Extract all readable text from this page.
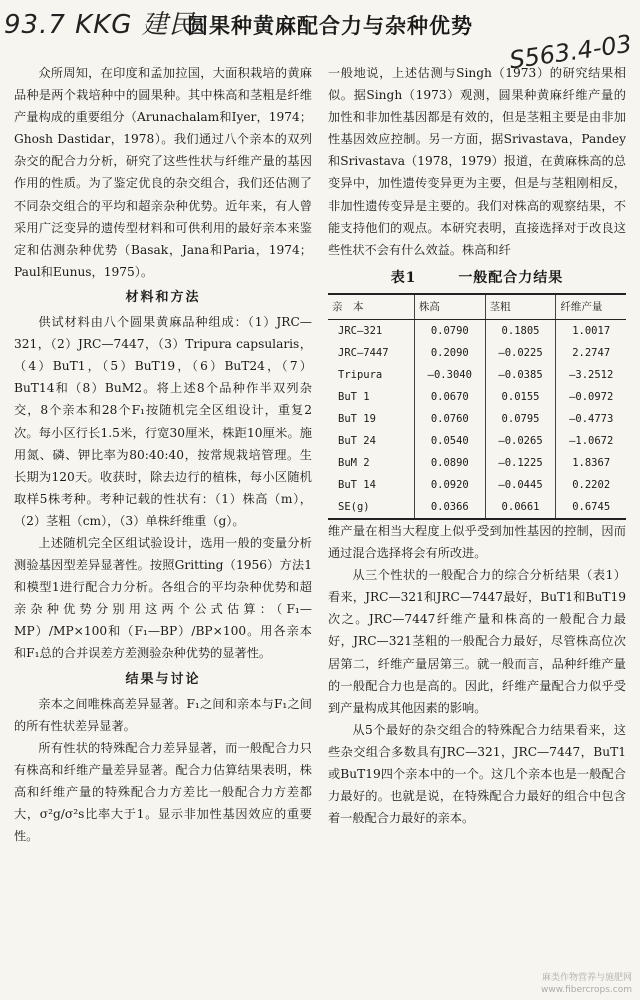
93.7 KKG 建民
S563.4-03
圆果种黄麻配合力与杂种优势

众所周知，在印度和孟加拉国，大面积栽培的黄麻品种是两个栽培种中的圆果种。其中株高和茎粗是纤维产量构成的重要组分（Arunachalam和Iyer，1974；Ghosh Dastidar，1978）。我们通过八个亲本的双列杂交的配合力分析，研究了这些性状与纤维产量的基因作用的性质。为了鉴定优良的杂交组合，我们还估测了不同杂交组合的平均和超亲杂种优势。近年来，有人曾采用广泛变异的遗传型材料和可供利用的最好亲本来鉴定和估测杂种优势（Basak，Jana和Paria，1974；Paul和Eunus，1975）。

材料和方法

供试材料由八个圆果黄麻品种组成：（1）JRC—321，（2）JRC—7447，（3）Tripura capsularis，（4）BuT1，（5）BuT19，（6）BuT24，（7）BuT14和（8）BuM2。将上述8个品种作半双列杂交，8个亲本和28个F₁按随机完全区组设计，重复2次。每小区行长1.5米，行宽30厘米，株距10厘米。施用氮、磷、钾比率为80:40:40，按常规栽培管理。生长期为120天。收获时，除去边行的植株，每小区随机取样5株考种。考种记载的性状有：（1）株高（m），（2）茎粗（cm），（3）单株纤维重（g）。

上述随机完全区组试验设计，选用一般的变量分析测验基因型差异显著性。按照Gritting（1956）方法1和模型1进行配合力分析。各组合的平均杂种优势和超亲杂种优势分别用这两个公式估算：（F₁—MP）/MP×100和（F₁—BP）/BP×100。用各亲本和F₁总的合并误差方差测验杂种优势的显著性。

结果与讨论

亲本之间唯株高差异显著。F₁之间和亲本与F₁之间的所有性状差异显著。

所有性状的特殊配合力差异显著，而一般配合力只有株高和纤维产量差异显著。配合力估算结果表明，株高和纤维产量的特殊配合力方差比一般配合力方差都大，σ²g/σ²s比率大于1。显示非加性基因效应的重要性。

一般地说，上述估测与Singh（1973）的研究结果相似。据Singh（1973）观测，圆果种黄麻纤维产量的加性和非加性基因都是有效的，但是茎粗主要是由非加性基因效应控制。另一方面，据Srivastava，Pandey和Srivastava（1978，1979）报道，在黄麻株高的总变异中，加性遗传变异更为主要，但是与茎粗刚相反，非加性遗传变异是主要的。我们对株高的观察结果，不能支持他们的观点。本研究表明，直接选择对于改良这些性状不会有什么效益。株高和纤

表1	一般配合力结果
亲　本	株高	茎粗	纤维产量
JRC—321	0.0790	0.1805	1.0017
JRC—7447	0.2090	—0.0225	2.2747
Tripura	—0.3040	—0.0385	—3.2512
BuT 1	0.0670	0.0155	—0.0972
BuT 19	0.0760	0.0795	—0.4773
BuT 24	0.0540	—0.0265	—1.0672
BuM 2	0.0890	—0.1225	1.8367
BuT 14	0.0920	—0.0445	0.2202
SE(g)	0.0366	0.0661	0.6745

维产量在相当大程度上似乎受到加性基因的控制，因而通过混合选择将会有所改进。

从三个性状的一般配合力的综合分析结果（表1）看来，JRC—321和JRC—7447最好，BuT1和BuT19次之。JRC—7447纤维产量和株高的一般配合力最好，JRC—321茎粗的一般配合力最好，尽管株高位次居第二，纤维产量居第三。就一般而言，品种纤维产量的一般配合力也是高的。因此，纤维产量配合力似乎受到产量构成其他因素的影响。

从5个最好的杂交组合的特殊配合力结果看来，这些杂交组合多数具有JRC—321，JRC—7447，BuT1或BuT19四个亲本中的一个。这几个亲本也是一般配合力最好的。也就是说，在特殊配合力最好的组合中包含着一般配合力最好的亲本。

麻类作物营养与施肥网
www.fibercrops.com
